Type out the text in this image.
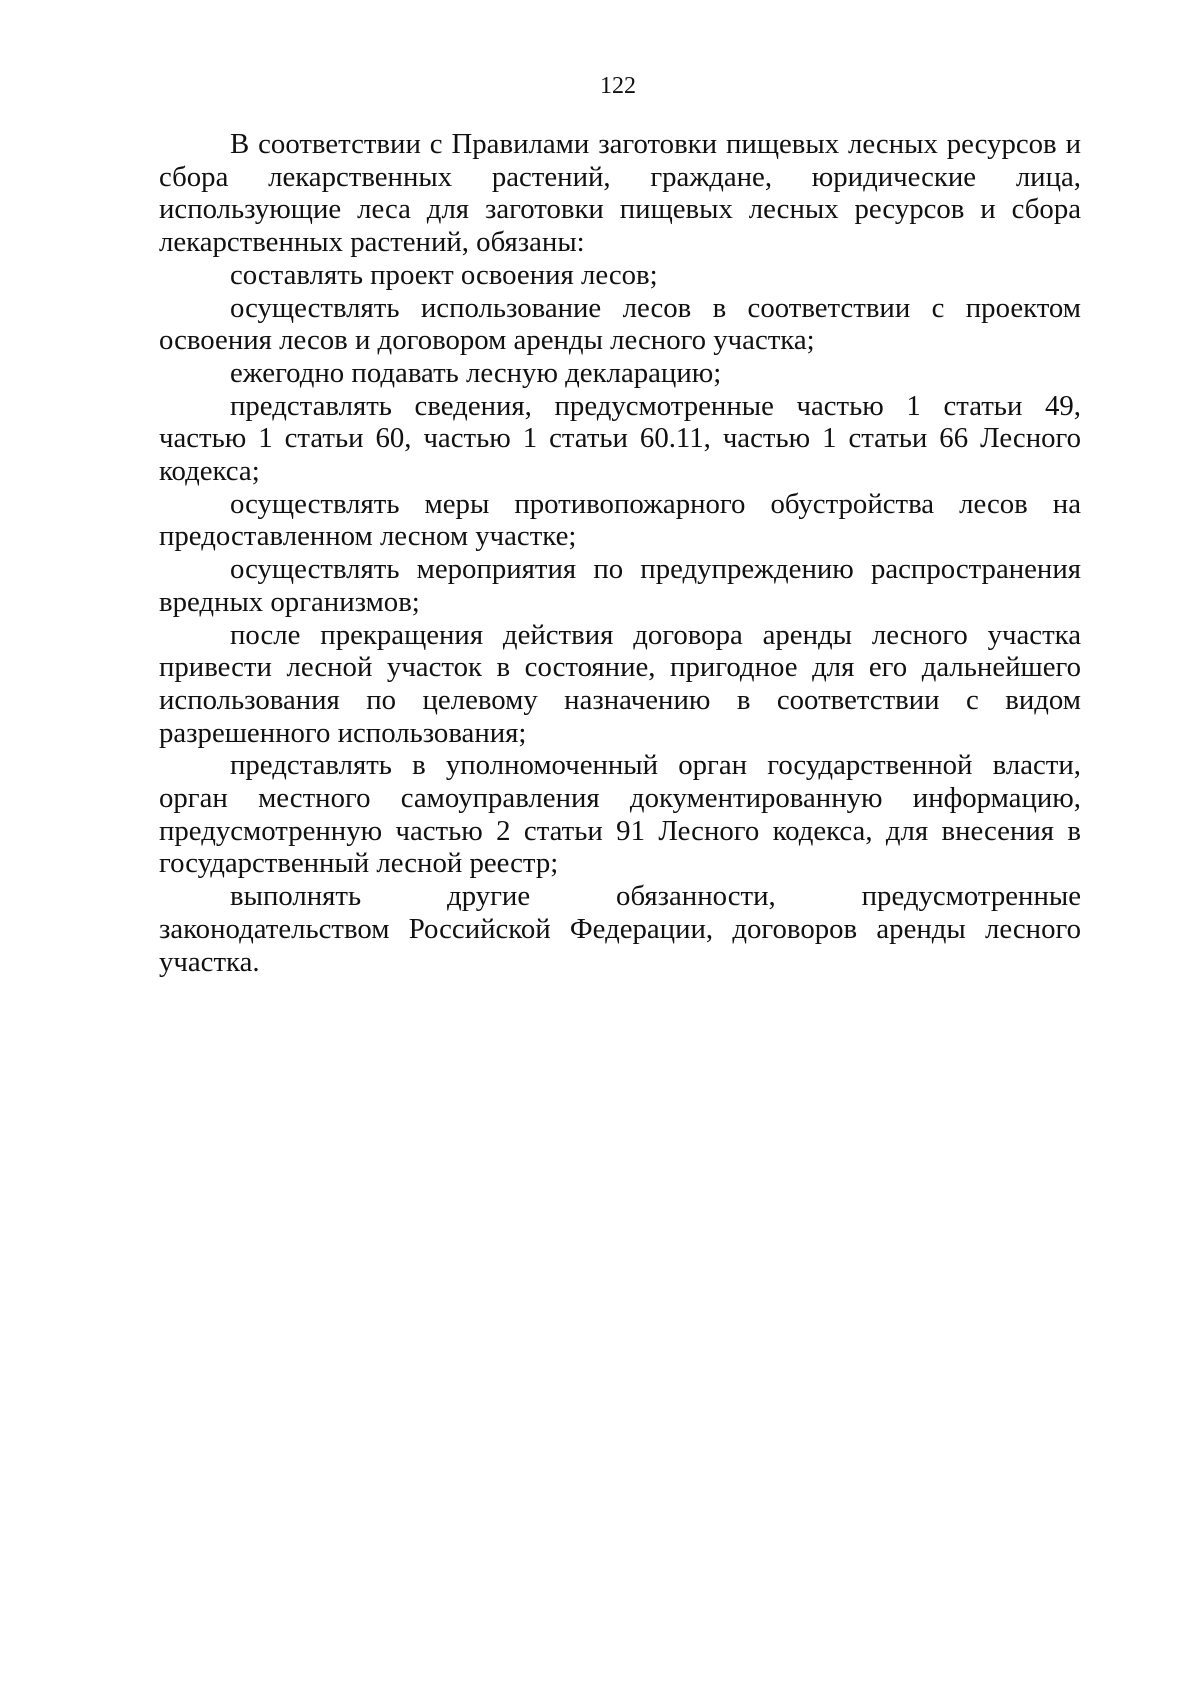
122

В соответствии с Правилами заготовки пищевых лесных ресурсов и сбора лекарственных растений, граждане, юридические лица, использующие леса для заготовки пищевых лесных ресурсов и сбора лекарственных растений, обязаны:

составлять проект освоения лесов;

осуществлять использование лесов в соответствии с проектом освоения лесов и договором аренды лесного участка;

ежегодно подавать лесную декларацию;

представлять сведения, предусмотренные частью 1 статьи 49, частью 1 статьи 60, частью 1 статьи 60.11, частью 1 статьи 66 Лесного кодекса;

осуществлять меры противопожарного обустройства лесов на предоставленном лесном участке;

осуществлять мероприятия по предупреждению распространения вредных организмов;

после прекращения действия договора аренды лесного участка привести лесной участок в состояние, пригодное для его дальнейшего использования по целевому назначению в соответствии с видом разрешенного использования;

представлять в уполномоченный орган государственной власти, орган местного самоуправления документированную информацию, предусмотренную частью 2 статьи 91 Лесного кодекса, для внесения в государственный лесной реестр;

выполнять другие обязанности, предусмотренные законодательством Российской Федерации, договоров аренды лесного участка.
